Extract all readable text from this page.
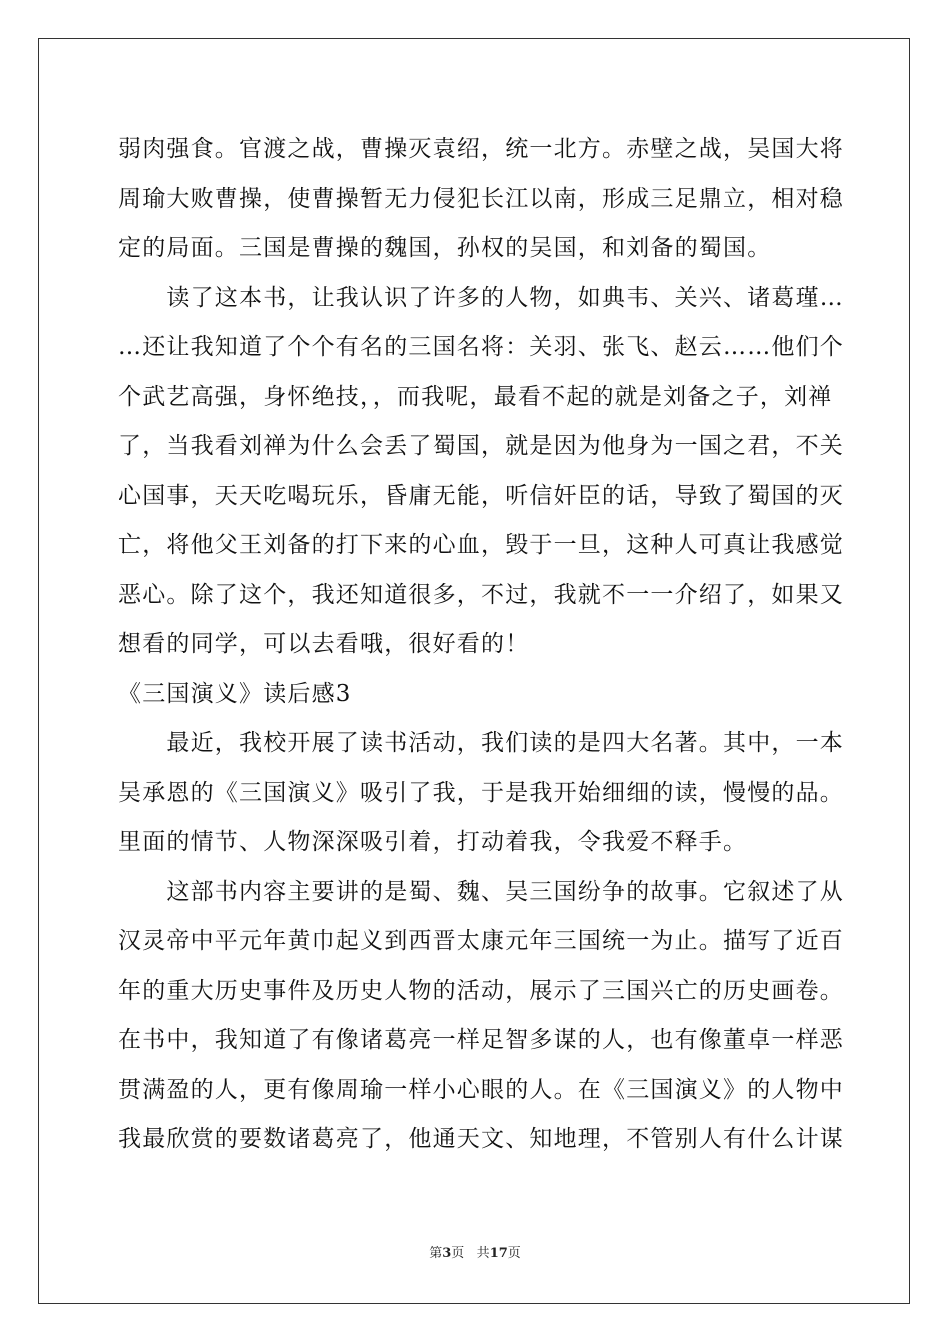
弱肉强食。官渡之战，曹操灭袁绍，统一北方。赤壁之战，吴国大将
周瑜大败曹操，使曹操暂无力侵犯长江以南，形成三足鼎立，相对稳
定的局面。三国是曹操的魏国，孙权的吴国，和刘备的蜀国。
　　读了这本书，让我认识了许多的人物，如典韦、关兴、诸葛瑾…
…还让我知道了个个有名的三国名将：关羽、张飞、赵云……他们个
个武艺高强，身怀绝技，，而我呢，最看不起的就是刘备之子，刘禅
了，当我看刘禅为什么会丢了蜀国，就是因为他身为一国之君，不关
心国事，天天吃喝玩乐，昏庸无能，听信奸臣的话，导致了蜀国的灭
亡，将他父王刘备的打下来的心血，毁于一旦，这种人可真让我感觉
恶心。除了这个，我还知道很多，不过，我就不一一介绍了，如果又
想看的同学，可以去看哦，很好看的！
《三国演义》读后感3
　　最近，我校开展了读书活动，我们读的是四大名著。其中，一本
吴承恩的《三国演义》吸引了我，于是我开始细细的读，慢慢的品。
里面的情节、人物深深吸引着，打动着我，令我爱不释手。
　　这部书内容主要讲的是蜀、魏、吴三国纷争的故事。它叙述了从
汉灵帝中平元年黄巾起义到西晋太康元年三国统一为止。描写了近百
年的重大历史事件及历史人物的活动，展示了三国兴亡的历史画卷。
在书中，我知道了有像诸葛亮一样足智多谋的人，也有像董卓一样恶
贯满盈的人，更有像周瑜一样小心眼的人。在《三国演义》的人物中
我最欣赏的要数诸葛亮了，他通天文、知地理，不管别人有什么计谋
第3页 共17页
